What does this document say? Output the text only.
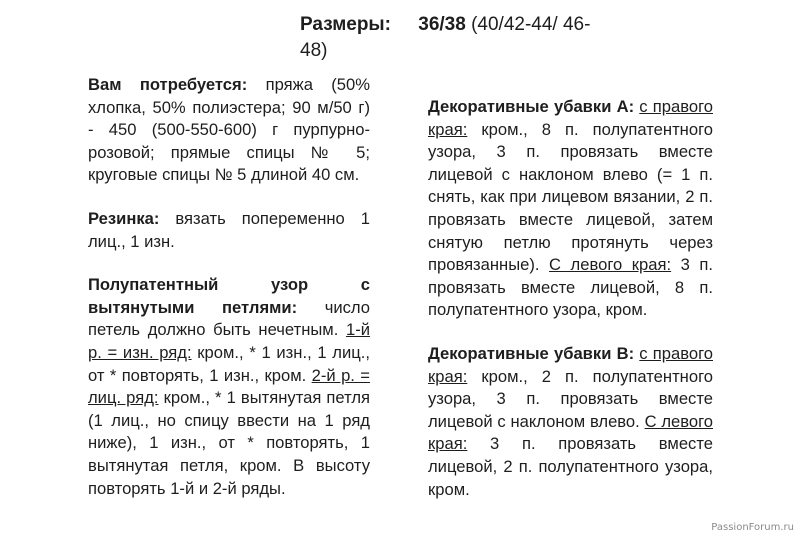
Размеры: 36/38 (40/42-44/ 46-48)

Вам потребуется: пряжа (50% хлопка, 50% полиэстера; 90 м/50 г) - 450 (500-550-600) г пурпурно-розовой; прямые спицы № 5; круговые спицы № 5 длиной 40 см.

Резинка: вязать попеременно 1 лиц., 1 изн.

Полупатентный узор с вытянутыми петлями: число петель должно быть нечетным. 1-й р. = изн. ряд: кром., * 1 изн., 1 лиц., от * повторять, 1 изн., кром. 2-й р. = лиц. ряд: кром., * 1 вытянутая петля (1 лиц., но спицу ввести на 1 ряд ниже), 1 изн., от * повторять, 1 вытянутая петля, кром. В высоту повторять 1-й и 2-й ряды.

Декоративные убавки А: с правого края: кром., 8 п. полупатентного узора, 3 п. провязать вместе лицевой с наклоном влево (= 1 п. снять, как при лицевом вязании, 2 п. провязать вместе лицевой, затем снятую петлю протянуть через провязанные). С левого края: 3 п. провязать вместе лицевой, 8 п. полупатентного узора, кром.

Декоративные убавки В: с правого края: кром., 2 п. полупатентного узора, 3 п. провязать вместе лицевой с наклоном влево. С левого края: 3 п. провязать вместе лицевой, 2 п. полупатентного узора, кром.

PassionForum.ru
